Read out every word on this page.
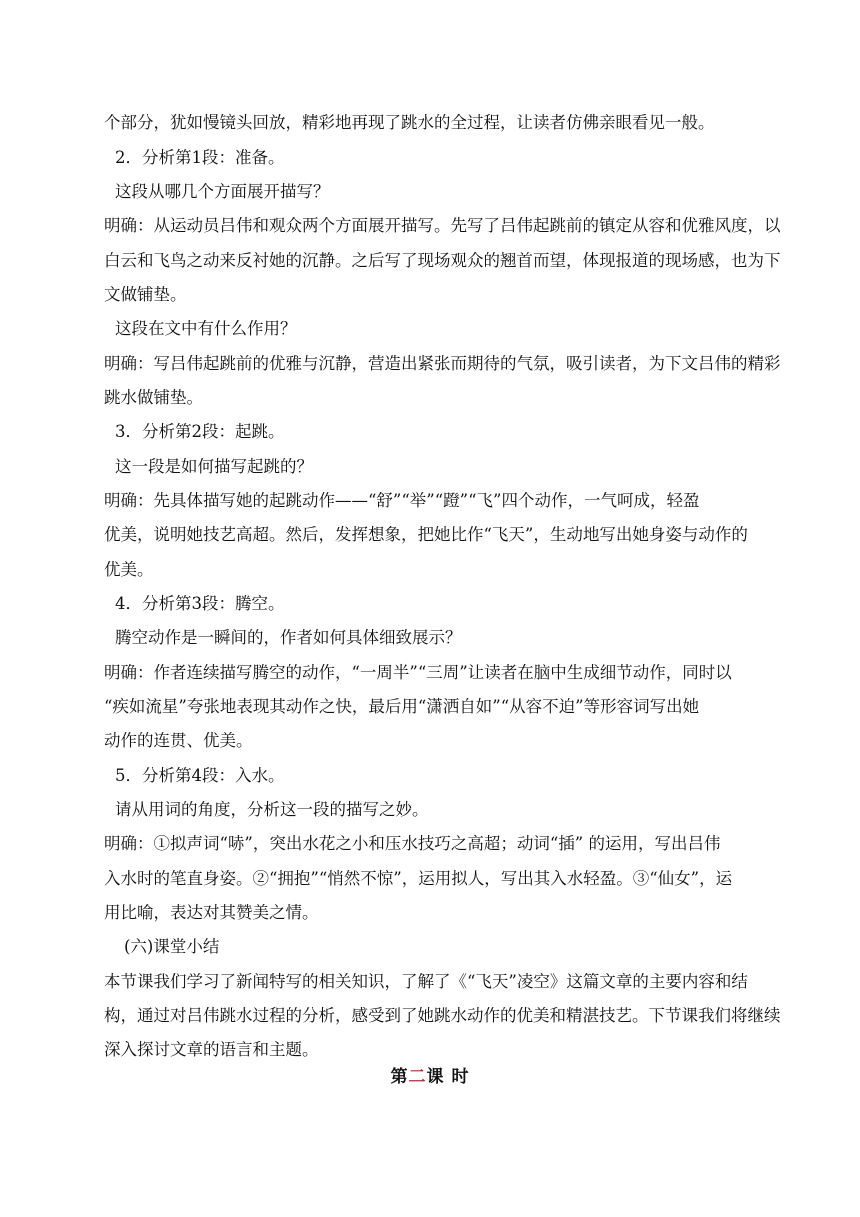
个部分，犹如慢镜头回放，精彩地再现了跳水的全过程，让读者仿佛亲眼看见一般。
2．分析第1段：准备。
这段从哪几个方面展开描写？
明确：从运动员吕伟和观众两个方面展开描写。先写了吕伟起跳前的镇定从容和优雅风度，以
白云和飞鸟之动来反衬她的沉静。之后写了现场观众的翘首而望，体现报道的现场感，也为下
文做铺垫。
这段在文中有什么作用？
明确：写吕伟起跳前的优雅与沉静，营造出紧张而期待的气氛，吸引读者，为下文吕伟的精彩
跳水做铺垫。
3．分析第2段：起跳。
这一段是如何描写起跳的？
明确：先具体描写她的起跳动作——“舒”“举”“蹬”“飞”四个动作，一气呵成，轻盈
优美，说明她技艺高超。然后，发挥想象，把她比作“飞天”，生动地写出她身姿与动作的
优美。
4．分析第3段：腾空。
腾空动作是一瞬间的，作者如何具体细致展示？
明确：作者连续描写腾空的动作，“一周半”“三周”让读者在脑中生成细节动作，同时以
“疾如流星”夸张地表现其动作之快，最后用“潇洒自如”“从容不迫”等形容词写出她
动作的连贯、优美。
5．分析第4段：入水。
请从用词的角度，分析这一段的描写之妙。
明确：①拟声词“哧”，突出水花之小和压水技巧之高超；动词“插” 的运用，写出吕伟
入水时的笔直身姿。②“拥抱”“悄然不惊”，运用拟人，写出其入水轻盈。③“仙女”，运
用比喻，表达对其赞美之情。
(六)课堂小结
本节课我们学习了新闻特写的相关知识，了解了《“飞天”凌空》这篇文章的主要内容和结
构，通过对吕伟跳水过程的分析，感受到了她跳水动作的优美和精湛技艺。下节课我们将继续
深入探讨文章的语言和主题。
第二课 时
